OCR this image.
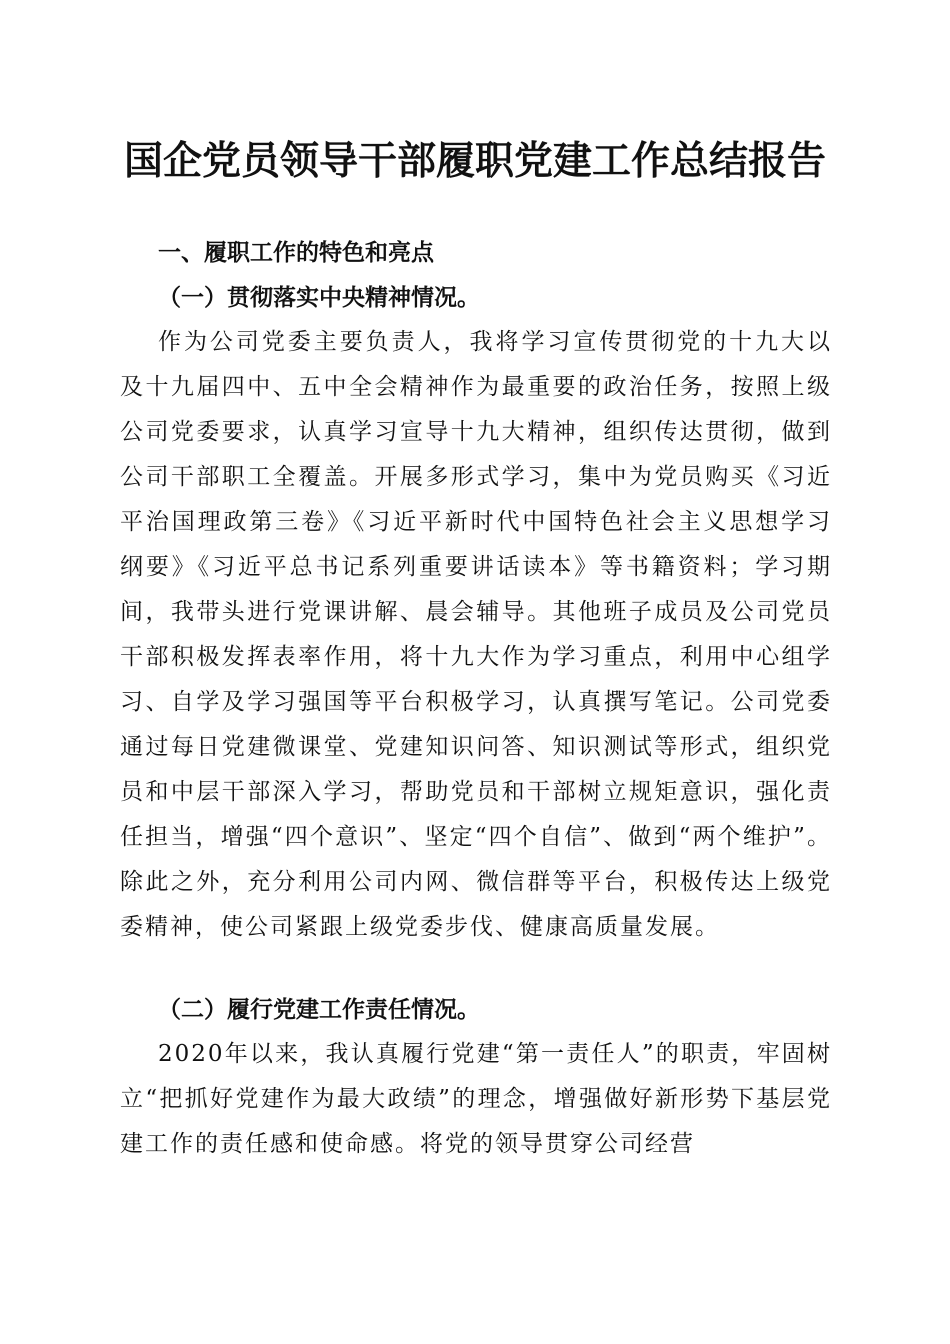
国企党员领导干部履职党建工作总结报告
一、履职工作的特色和亮点
（一）贯彻落实中央精神情况。

作为公司党委主要负责人，我将学习宣传贯彻党的十九大以及十九届四中、五中全会精神作为最重要的政治任务，按照上级公司党委要求，认真学习宣导十九大精神，组织传达贯彻，做到公司干部职工全覆盖。开展多形式学习，集中为党员购买《习近平治国理政第三卷》《习近平新时代中国特色社会主义思想学习纲要》《习近平总书记系列重要讲话读本》等书籍资料；学习期间，我带头进行党课讲解、晨会辅导。其他班子成员及公司党员干部积极发挥表率作用，将十九大作为学习重点，利用中心组学习、自学及学习强国等平台积极学习，认真撰写笔记。公司党委通过每日党建微课堂、党建知识问答、知识测试等形式，组织党员和中层干部深入学习，帮助党员和干部树立规矩意识，强化责任担当，增强“四个意识”、坚定“四个自信”、做到“两个维护”。除此之外，充分利用公司内网、微信群等平台，积极传达上级党委精神，使公司紧跟上级党委步伐、健康高质量发展。

（二）履行党建工作责任情况。

2020年以来，我认真履行党建“第一责任人”的职责，牢固树立“把抓好党建作为最大政绩”的理念，增强做好新形势下基层党建工作的责任感和使命感。将党的领导贯穿公司经营
